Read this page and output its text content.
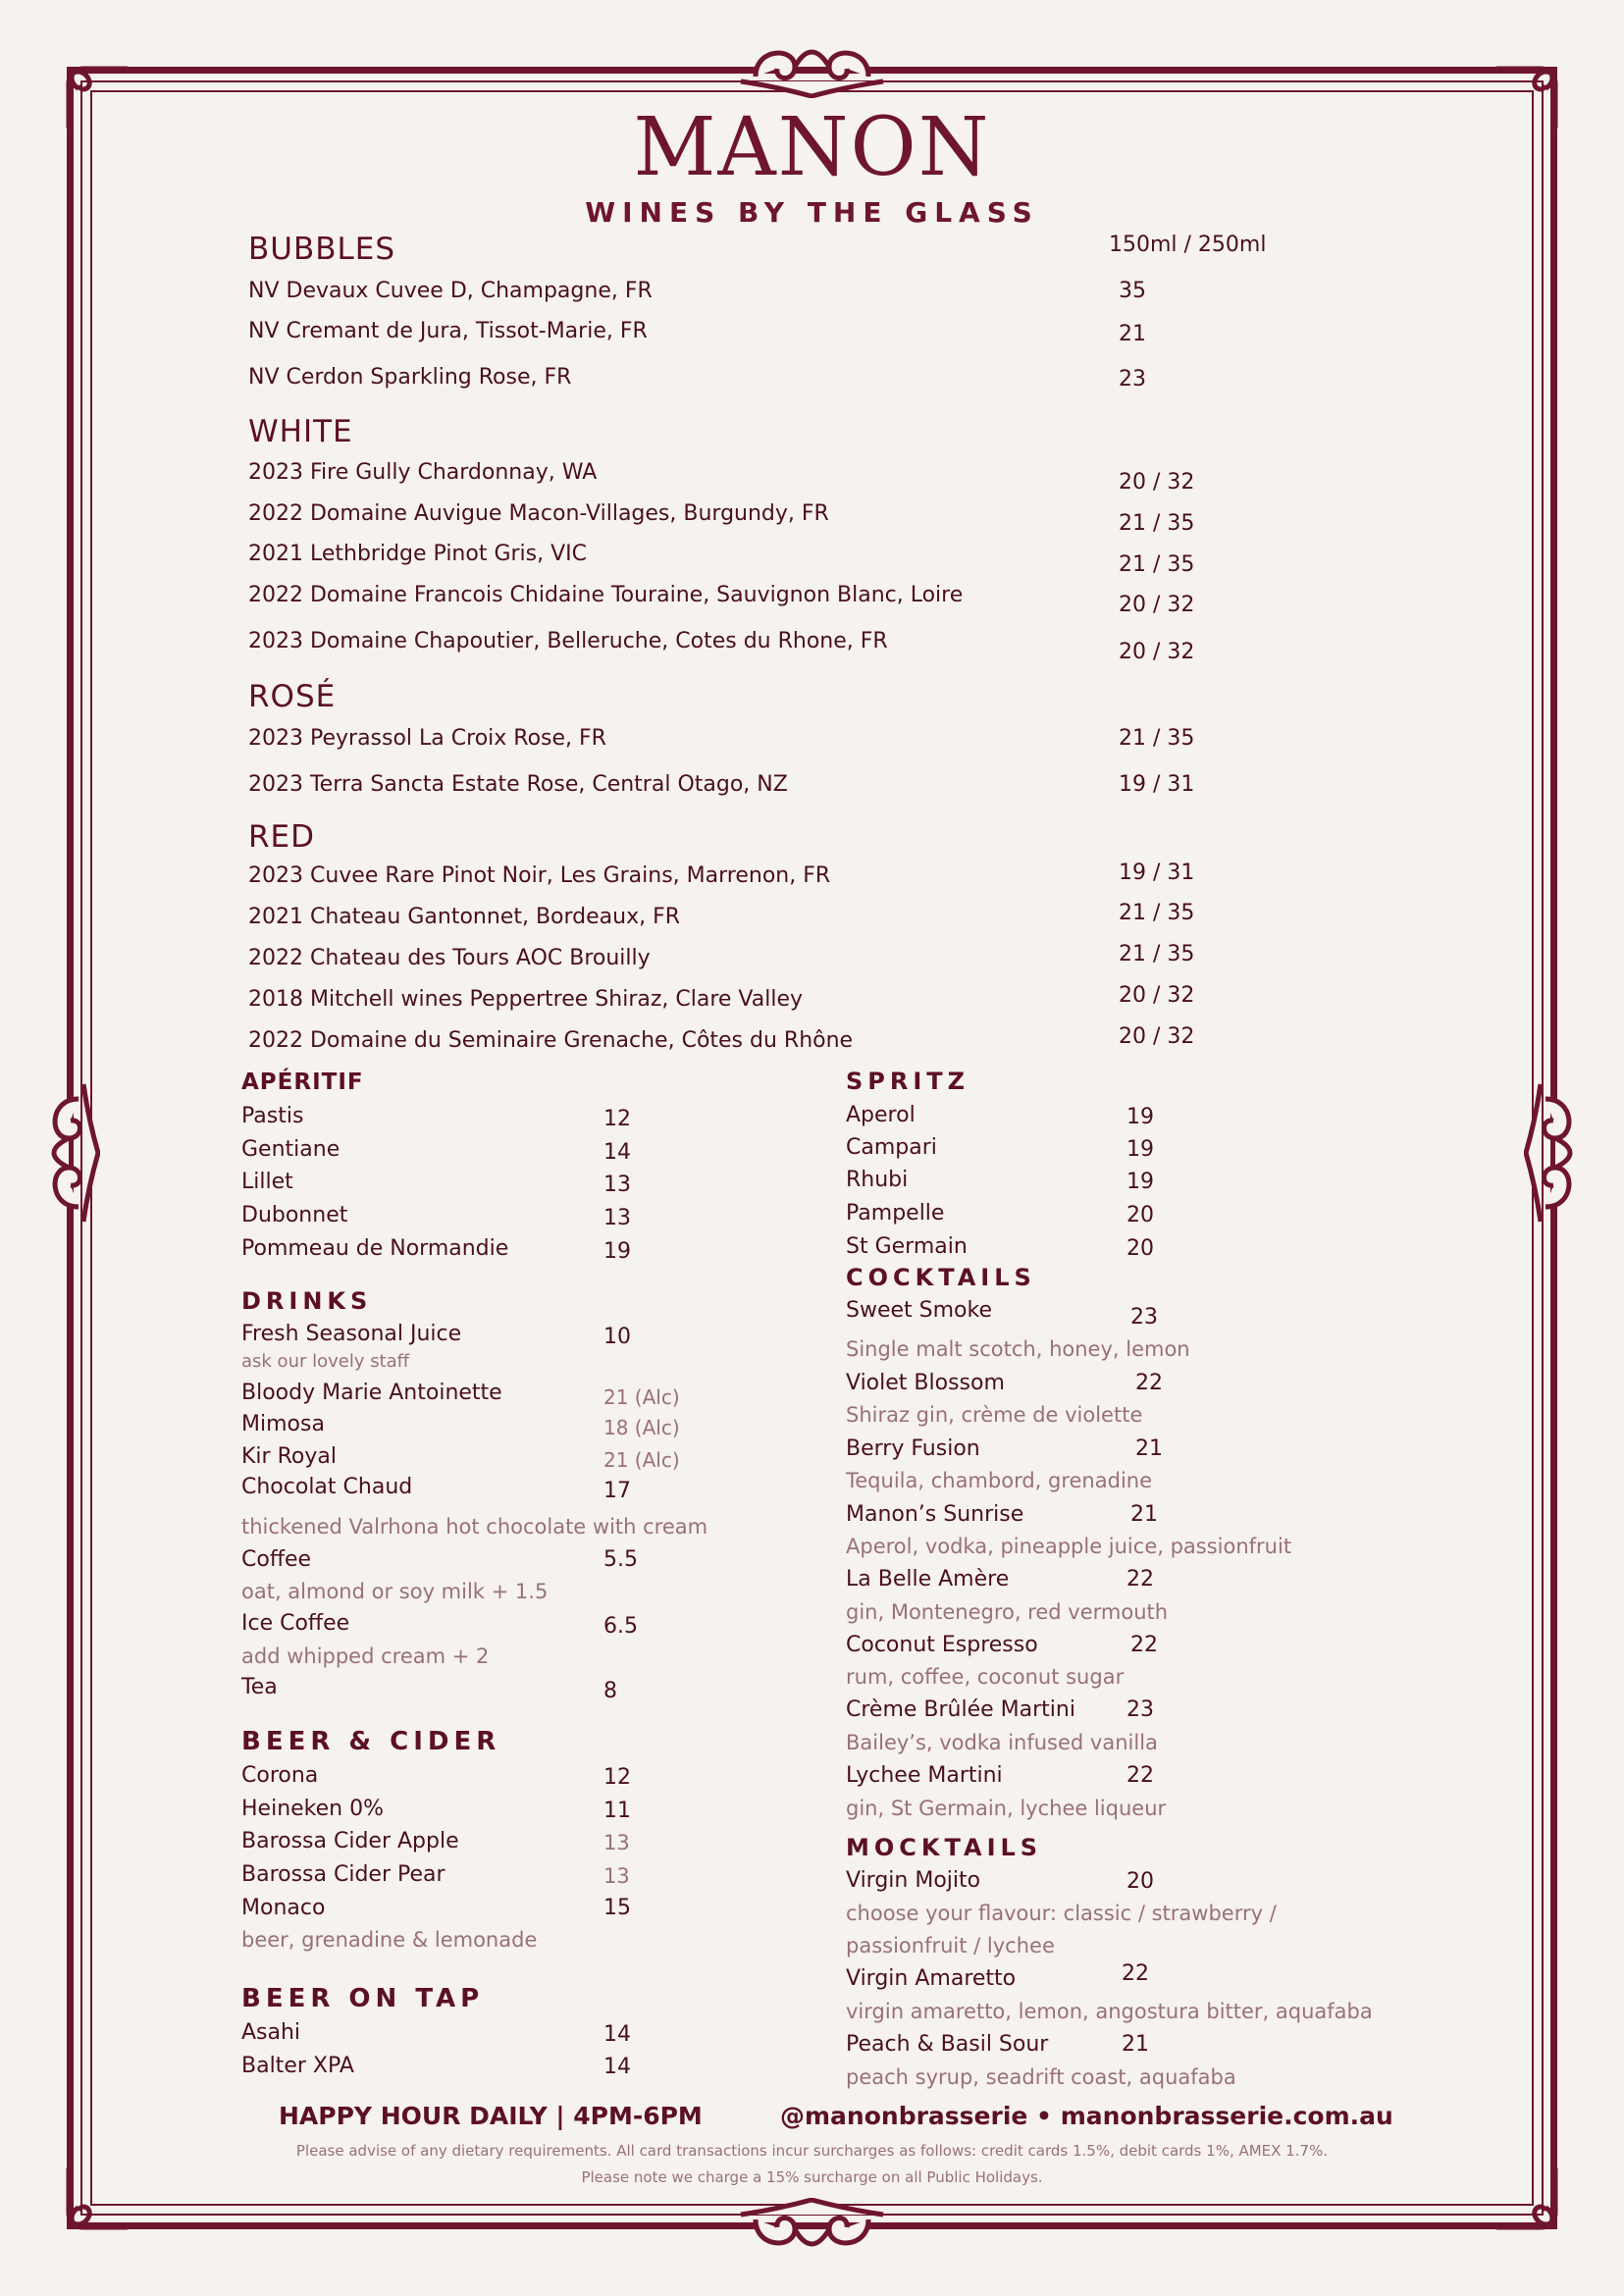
MANON
WINES BY THE GLASS
150ml / 250ml
BUBBLES
NV Devaux Cuvee D, Champagne, FR	35
NV Cremant de Jura, Tissot-Marie, FR	21
NV Cerdon Sparkling Rose, FR	23
WHITE
2023 Fire Gully Chardonnay, WA	20 / 32
2022 Domaine Auvigue Macon-Villages, Burgundy, FR	21 / 35
2021 Lethbridge Pinot Gris, VIC	21 / 35
2022 Domaine Francois Chidaine Touraine, Sauvignon Blanc, Loire	20 / 32
2023 Domaine Chapoutier, Belleruche, Cotes du Rhone, FR	20 / 32
ROSÉ
2023 Peyrassol La Croix Rose, FR	21 / 35
2023 Terra Sancta Estate Rose, Central Otago, NZ	19 / 31
RED
2023 Cuvee Rare Pinot Noir, Les Grains, Marrenon, FR	19 / 31
2021 Chateau Gantonnet, Bordeaux, FR	21 / 35
2022 Chateau des Tours AOC Brouilly	21 / 35
2018 Mitchell wines Peppertree Shiraz, Clare Valley	20 / 32
2022 Domaine du Seminaire Grenache, Côtes du Rhône	20 / 32
APÉRITIF
Pastis	12
Gentiane	14
Lillet	13
Dubonnet	13
Pommeau de Normandie	19
DRINKS
Fresh Seasonal Juice	10
ask our lovely staff
Bloody Marie Antoinette	21 (Alc)
Mimosa	18 (Alc)
Kir Royal	21 (Alc)
Chocolat Chaud	17
thickened Valrhona hot chocolate with cream
Coffee	5.5
oat, almond or soy milk + 1.5
Ice Coffee	6.5
add whipped cream + 2
Tea	8
BEER & CIDER
Corona	12
Heineken 0%	11
Barossa Cider Apple	13
Barossa Cider Pear	13
Monaco	15
beer, grenadine & lemonade
BEER ON TAP
Asahi	14
Balter XPA	14
SPRITZ
Aperol	19
Campari	19
Rhubi	19
Pampelle	20
St Germain	20
COCKTAILS
Sweet Smoke	23
Single malt scotch, honey, lemon
Violet Blossom	22
Shiraz gin, crème de violette
Berry Fusion	21
Tequila, chambord, grenadine
Manon’s Sunrise	21
Aperol, vodka, pineapple juice, passionfruit
La Belle Amère	22
gin, Montenegro, red vermouth
Coconut Espresso	22
rum, coffee, coconut sugar
Crème Brûlée Martini 23
Bailey’s, vodka infused vanilla
Lychee Martini	22
gin, St Germain, lychee liqueur
MOCKTAILS
Virgin Mojito	20
choose your flavour: classic / strawberry /
passionfruit / lychee
Virgin Amaretto	22
virgin amaretto, lemon, angostura bitter, aquafaba
Peach & Basil Sour	21
peach syrup, seadrift coast, aquafaba
HAPPY HOUR DAILY | 4PM-6PM	@manonbrasserie • manonbrasserie.com.au
Please advise of any dietary requirements. All card transactions incur surcharges as follows: credit cards 1.5%, debit cards 1%, AMEX 1.7%.
Please note we charge a 15% surcharge on all Public Holidays.
